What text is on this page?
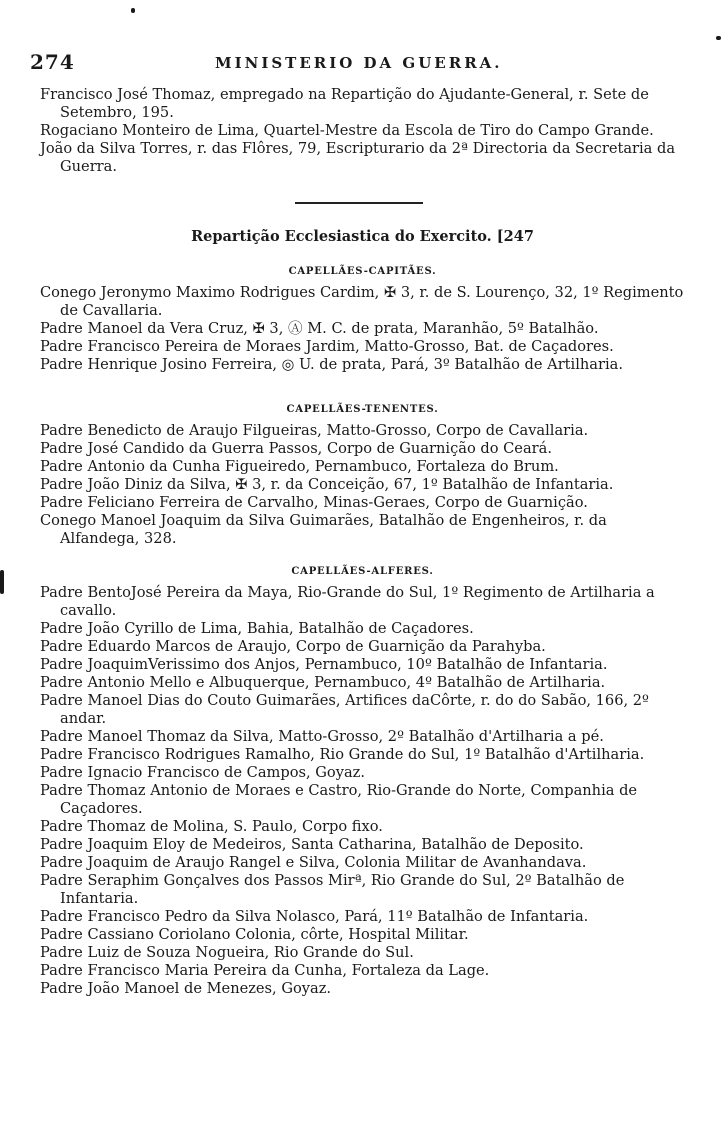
274	MINISTERIO DA GUERRA.

Francisco José Thomaz, empregado na Repartição do Ajudante-General, r. Sete de Setembro, 195.

Rogaciano Monteiro de Lima, Quartel-Mestre da Escola de Tiro do Campo Grande.

João da Silva Torres, r. das Flôres, 79, Escripturario da 2ª Directoria da Secretaria da Guerra.

Repartição Ecclesiastica do Exercito. [247
CAPELLÃES-CAPITÃES.

Conego Jeronymo Maximo Rodrigues Cardim, ✠ 3, r. de S. Lourenço, 32, 1º Regimento de Cavallaria.

Padre Manoel da Vera Cruz, ✠ 3, Ⓐ M. C. de prata, Maranhão, 5º Batalhão.

Padre Francisco Pereira de Moraes Jardim, Matto-Grosso, Bat. de Caçadores.

Padre Henrique Josino Ferreira, ◎ U. de prata, Pará, 3º Batalhão de Artilharia.

CAPELLÃES-TENENTES.

Padre Benedicto de Araujo Filgueiras, Matto-Grosso, Corpo de Cavallaria.

Padre José Candido da Guerra Passos, Corpo de Guarnição do Ceará.

Padre Antonio da Cunha Figueiredo, Pernambuco, Fortaleza do Brum.

Padre João Diniz da Silva, ✠ 3, r. da Conceição, 67, 1º Batalhão de Infantaria.

Padre Feliciano Ferreira de Carvalho, Minas-Geraes, Corpo de Guarnição.

Conego Manoel Joaquim da Silva Guimarães, Batalhão de Engenheiros, r. da Alfandega, 328.

CAPELLÃES-ALFERES.

Padre BentoJosé Pereira da Maya, Rio-Grande do Sul, 1º Regimento de Artilharia a cavallo.

Padre João Cyrillo de Lima, Bahia, Batalhão de Caçadores.

Padre Eduardo Marcos de Araujo, Corpo de Guarnição da Parahyba.

Padre JoaquimVerissimo dos Anjos, Pernambuco, 10º Batalhão de Infantaria.

Padre Antonio Mello e Albuquerque, Pernambuco, 4º Batalhão de Artilharia.

Padre Manoel Dias do Couto Guimarães, Artifices daCôrte, r. do do Sabão, 166, 2º andar.

Padre Manoel Thomaz da Silva, Matto-Grosso, 2º Batalhão d'Artilharia a pé.

Padre Francisco Rodrigues Ramalho, Rio Grande do Sul, 1º Batalhão d'Artilharia.

Padre Ignacio Francisco de Campos, Goyaz.

Padre Thomaz Antonio de Moraes e Castro, Rio-Grande do Norte, Companhia de Caçadores.

Padre Thomaz de Molina, S. Paulo, Corpo fixo.

Padre Joaquim Eloy de Medeiros, Santa Catharina, Batalhão de Deposito.

Padre Joaquim de Araujo Rangel e Silva, Colonia Militar de Avanhandava.

Padre Seraphim Gonçalves dos Passos Mirª, Rio Grande do Sul, 2º Batalhão de Infantaria.

Padre Francisco Pedro da Silva Nolasco, Pará, 11º Batalhão de Infantaria.

Padre Cassiano Coriolano Colonia, côrte, Hospital Militar.

Padre Luiz de Souza Nogueira, Rio Grande do Sul.

Padre Francisco Maria Pereira da Cunha, Fortaleza da Lage.

Padre João Manoel de Menezes, Goyaz.
